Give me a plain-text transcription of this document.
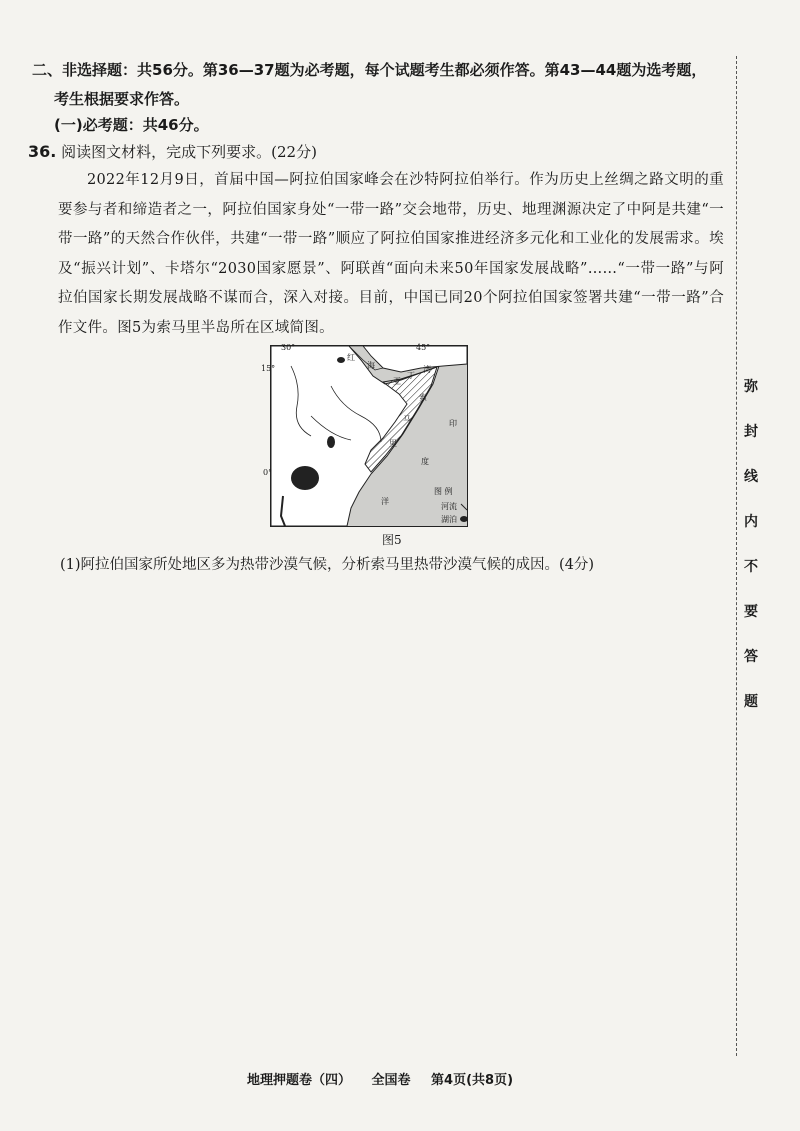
二、非选择题：共56分。第36—37题为必考题，每个试题考生都必须作答。第43—44题为选考题，
考生根据要求作答。
(一)必考题：共46分。
36. 阅读图文材料，完成下列要求。(22分)
2022年12月9日，首届中国—阿拉伯国家峰会在沙特阿拉伯举行。作为历史上丝绸之路文明的重要参与者和缔造者之一，阿拉伯国家身处“一带一路”交会地带，历史、地理渊源决定了中阿是共建“一带一路”的天然合作伙伴，共建“一带一路”顺应了阿拉伯国家推进经济多元化和工业化的发展需求。埃及“振兴计划”、卡塔尔“2030国家愿景”、阿联酋“面向未来50年国家发展战略”……“一带一路”与阿拉伯国家长期发展战略不谋而合，深入对接。目前，中国已同20个阿拉伯国家签署共建“一带一路”合作文件。图5为索马里半岛所在区域简图。
30°	45°
15°
0°
红
海
亚
丁
湾
索
马
里
印
度
洋
图 例
河流
湖泊
图5
(1)阿拉伯国家所处地区多为热带沙漠气候，分析索马里热带沙漠气候的成因。(4分)
弥
封
线
内
不
要
答
题
地理押题卷（四） 全国卷 第4页(共8页)
